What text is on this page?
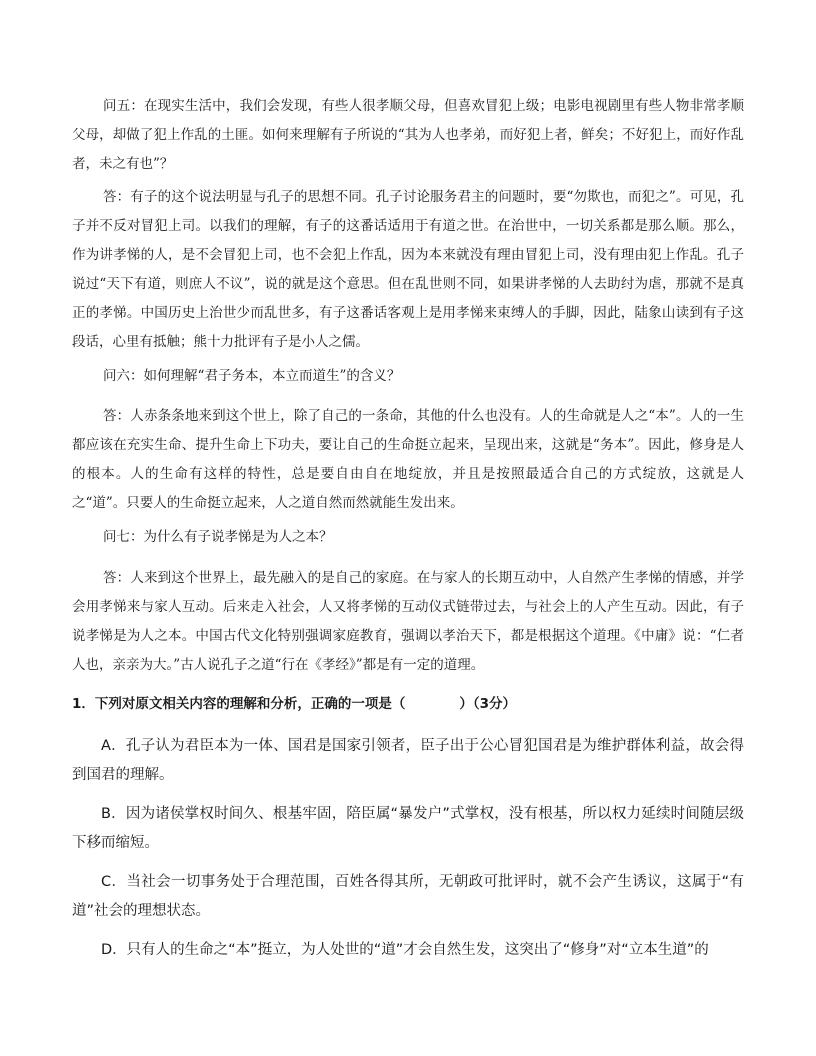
问五：在现实生活中，我们会发现，有些人很孝顺父母，但喜欢冒犯上级；电影电视剧里有些人物非常孝顺父母，却做了犯上作乱的土匪。如何来理解有子所说的“其为人也孝弟，而好犯上者，鲜矣；不好犯上，而好作乱者，未之有也”？

答：有子的这个说法明显与孔子的思想不同。孔子讨论服务君主的问题时，要“勿欺也，而犯之”。可见，孔子并不反对冒犯上司。以我们的理解，有子的这番话适用于有道之世。在治世中，一切关系都是那么顺。那么，作为讲孝悌的人，是不会冒犯上司，也不会犯上作乱，因为本来就没有理由冒犯上司，没有理由犯上作乱。孔子说过“天下有道，则庶人不议”，说的就是这个意思。但在乱世则不同，如果讲孝悌的人去助纣为虐，那就不是真正的孝悌。中国历史上治世少而乱世多，有子这番话客观上是用孝悌来束缚人的手脚，因此，陆象山读到有子这段话，心里有抵触；熊十力批评有子是小人之儒。

问六：如何理解“君子务本，本立而道生”的含义？

答：人赤条条地来到这个世上，除了自己的一条命，其他的什么也没有。人的生命就是人之“本”。人的一生都应该在充实生命、提升生命上下功夫，要让自己的生命挺立起来，呈现出来，这就是“务本”。因此，修身是人的根本。人的生命有这样的特性，总是要自由自在地绽放，并且是按照最适合自己的方式绽放，这就是人之“道”。只要人的生命挺立起来，人之道自然而然就能生发出来。

问七：为什么有子说孝悌是为人之本？

答：人来到这个世界上，最先融入的是自己的家庭。在与家人的长期互动中，人自然产生孝悌的情感，并学会用孝悌来与家人互动。后来走入社会，人又将孝悌的互动仪式链带过去，与社会上的人产生互动。因此，有子说孝悌是为人之本。中国古代文化特别强调家庭教育，强调以孝治天下，都是根据这个道理。《中庸》说：“仁者人也，亲亲为大。”古人说孔子之道“行在《孝经》”都是有一定的道理。

1．下列对原文相关内容的理解和分析，正确的一项是（	）（3分）

A．孔子认为君臣本为一体、国君是国家引领者，臣子出于公心冒犯国君是为维护群体利益，故会得到国君的理解。

B．因为诸侯掌权时间久、根基牢固，陪臣属“暴发户”式掌权，没有根基，所以权力延续时间随层级下移而缩短。

C．当社会一切事务处于合理范围，百姓各得其所，无朝政可批评时，就不会产生诱议，这属于“有道”社会的理想状态。

D．只有人的生命之“本”挺立，为人处世的“道”才会自然生发，这突出了“修身”对“立本生道”的
